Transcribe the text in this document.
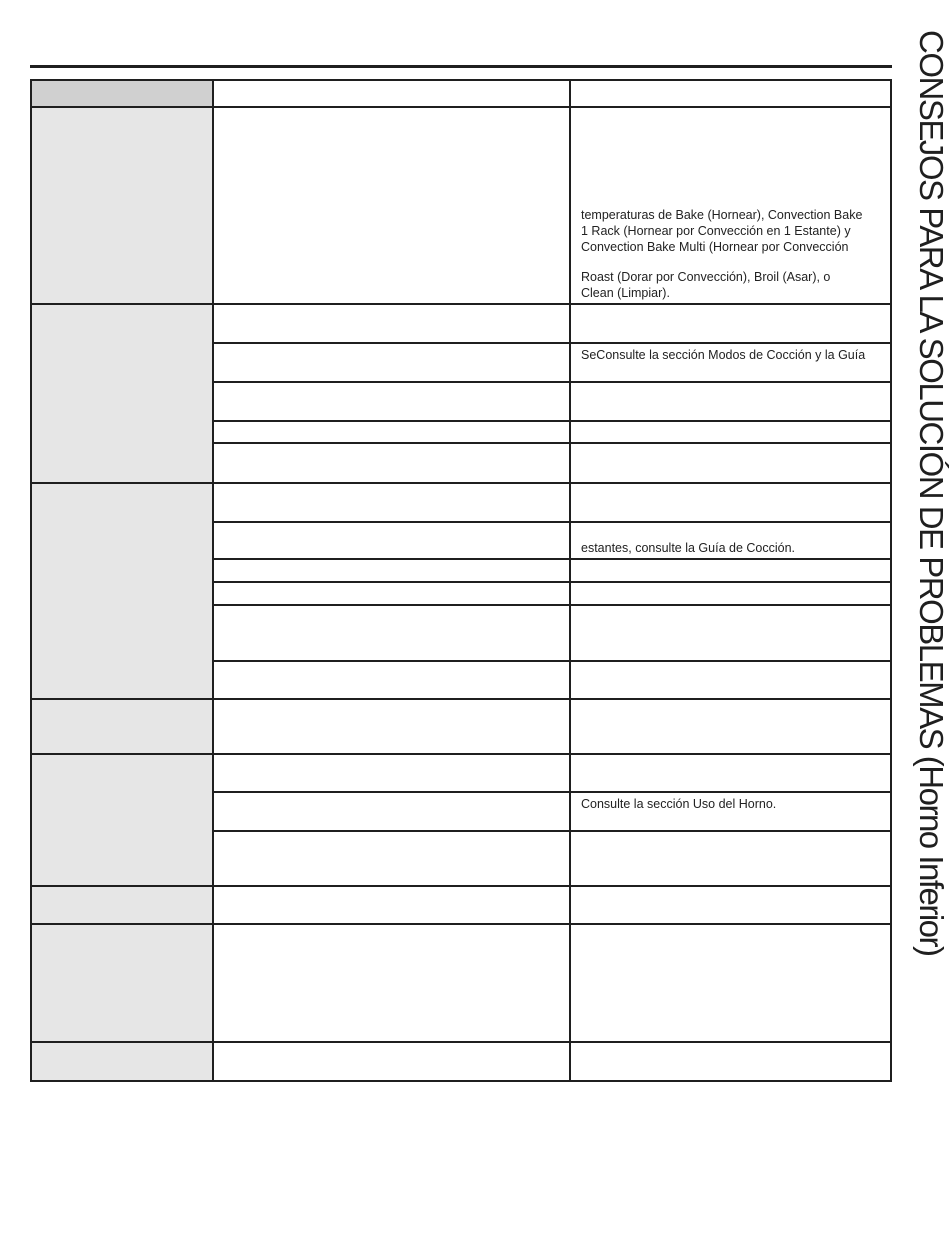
CONSEJOS PARA LA SOLUCIÓN DE PROBLEMAS (Horno Inferior)
temperaturas de Bake (Hornear), Convection Bake
1 Rack (Hornear por Convección en 1 Estante) y
Convection Bake Multi (Hornear por Convección
Roast (Dorar por Convección), Broil (Asar), o
Clean (Limpiar).
SeConsulte la sección Modos de Cocción y la Guía
estantes, consulte la Guía de Cocción.
Consulte la sección Uso del Horno.
